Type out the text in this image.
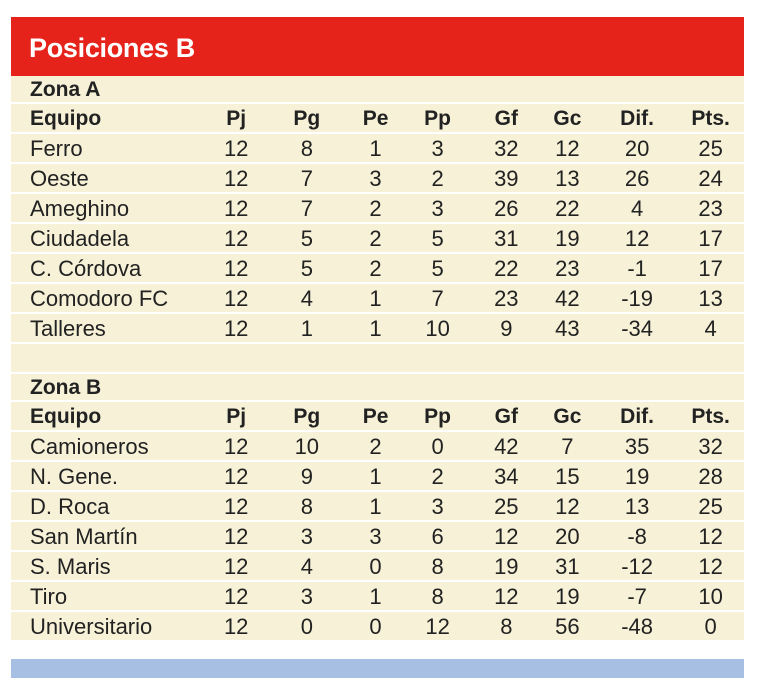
Posiciones B
Zona A
Equipo	Pj	Pg	Pe	Pp	Gf	Gc	Dif.	Pts.
Ferro	12	8	1	3	32	12	20	25
Oeste	12	7	3	2	39	13	26	24
Ameghino	12	7	2	3	26	22	4	23
Ciudadela	12	5	2	5	31	19	12	17
C. Córdova	12	5	2	5	22	23	-1	17
Comodoro FC	12	4	1	7	23	42	-19	13
Talleres	12	1	1	10	9	43	-34	4
Zona B
Equipo	Pj	Pg	Pe	Pp	Gf	Gc	Dif.	Pts.
Camioneros	12	10	2	0	42	7	35	32
N. Gene.	12	9	1	2	34	15	19	28
D. Roca	12	8	1	3	25	12	13	25
San Martín	12	3	3	6	12	20	-8	12
S. Maris	12	4	0	8	19	31	-12	12
Tiro	12	3	1	8	12	19	-7	10
Universitario	12	0	0	12	8	56	-48	0
